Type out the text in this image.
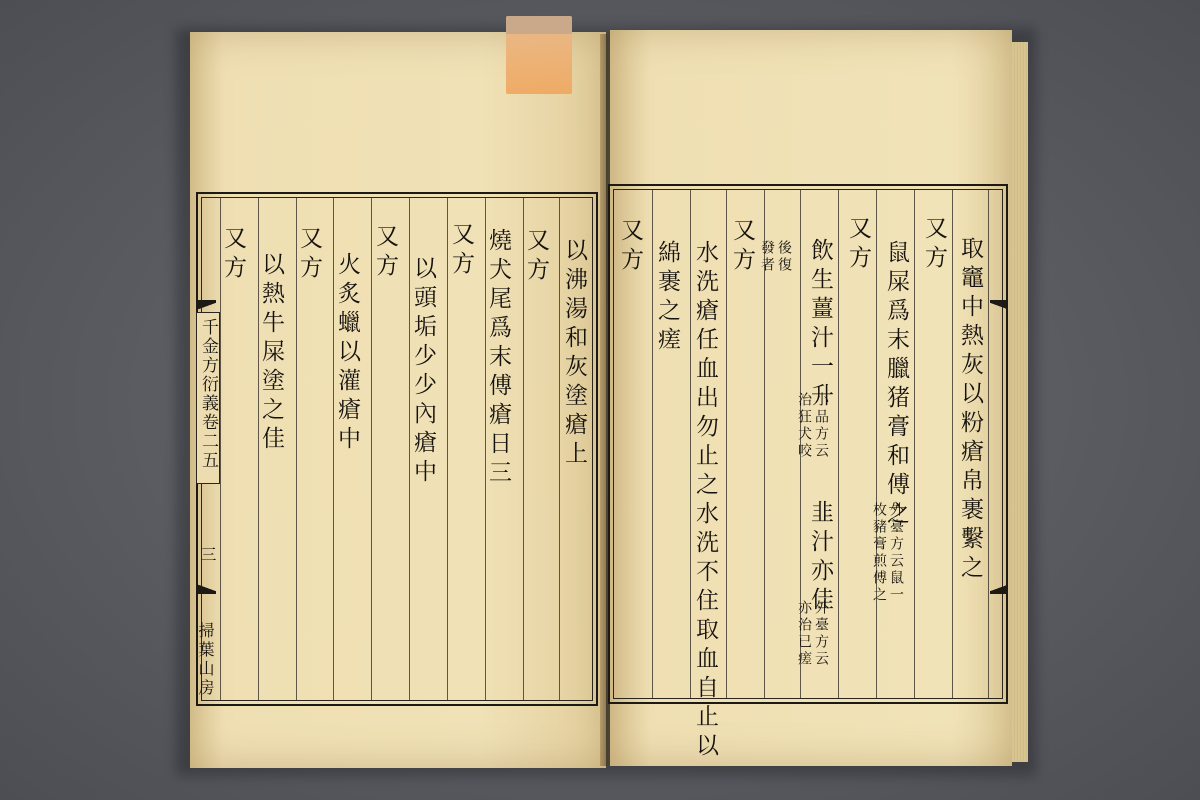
千金方衍義卷二五
三
掃葉山房
以沸湯和灰塗瘡上
又方
燒犬尾爲末傅瘡日三
又方
以頭垢少少內瘡中
又方
火炙蠟以灌瘡中
又方
以熱牛屎塗之佳
又方	取竈中熱灰以粉瘡帛裹繫之
又方
鼠屎爲末臘猪膏和傅之
外臺方云鼠一
枚豬膏煎傅之
又方
飲生薑汁一升
小品方云
治狂犬咬
韭汁亦佳
外臺方云
亦治已瘥
後復
發者
又方
水洗瘡任血出勿止之水洗不住取血自止以
綿裹之瘥
又方
